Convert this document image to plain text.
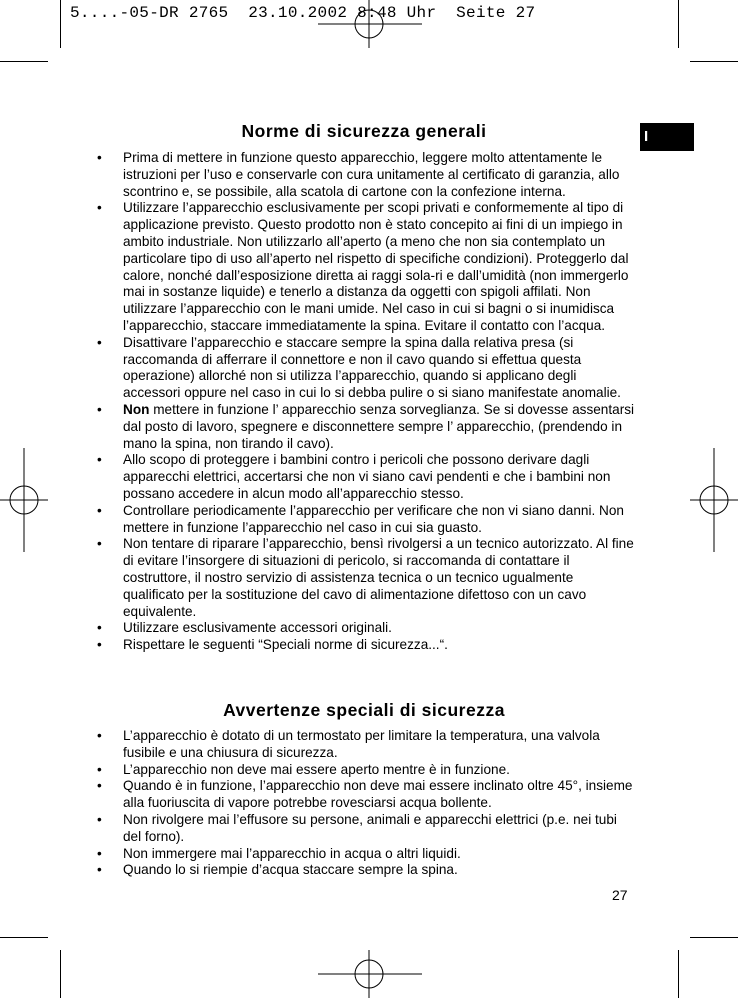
5....-05-DR 2765  23.10.2002 8:48 Uhr  Seite 27
I
Norme di sicurezza generali
• Prima di mettere in funzione questo apparecchio, leggere molto attentamente le istruzioni per l’uso e conservarle con cura unitamente al certificato di garanzia, allo scontrino e, se possibile, alla scatola di cartone con la confezione interna.
• Utilizzare l’apparecchio esclusivamente per scopi privati e conformemente al tipo di applicazione previsto. Questo prodotto non è stato concepito ai fini di un impiego in ambito industriale. Non utilizzarlo all’aperto (a meno che non sia contemplato un particolare tipo di uso all’aperto nel rispetto di specifiche condizioni). Proteggerlo dal calore, nonché dall’esposizione diretta ai raggi sola-ri e dall’umidità (non immergerlo mai in sostanze liquide) e tenerlo a distanza da oggetti con spigoli affilati. Non utilizzare l’apparecchio con le mani umide. Nel caso in cui si bagni o si inumidisca l’apparecchio, staccare immediatamente la spina. Evitare il contatto con l’acqua.
• Disattivare l’apparecchio e staccare sempre la spina dalla relativa presa (si raccomanda di afferrare il connettore e non il cavo quando si effettua questa operazione) allorché non si utilizza l’apparecchio, quando si applicano degli accessori oppure nel caso in cui lo si debba pulire o si siano manifestate anomalie.
• Non mettere in funzione l’ apparecchio senza sorveglianza. Se si dovesse assentarsi dal posto di lavoro, spegnere e disconnettere sempre l’ apparecchio, (prendendo in mano la spina, non tirando il cavo).
• Allo scopo di proteggere i bambini contro i pericoli che possono derivare dagli apparecchi elettrici, accertarsi che non vi siano cavi pendenti e che i bambini non possano accedere in alcun modo all’apparecchio stesso.
• Controllare periodicamente l’apparecchio per verificare che non vi siano danni. Non mettere in funzione l’apparecchio nel caso in cui sia guasto.
• Non tentare di riparare l’apparecchio, bensì rivolgersi a un tecnico autorizzato. Al fine di evitare l’insorgere di situazioni di pericolo, si raccomanda di contattare il costruttore, il nostro servizio di assistenza tecnica o un tecnico ugualmente qualificato per la sostituzione del cavo di alimentazione difettoso con un cavo equivalente.
• Utilizzare esclusivamente accessori originali.
• Rispettare le seguenti “Speciali norme di sicurezza...“.
Avvertenze speciali di sicurezza
• L’apparecchio è dotato di un termostato per limitare la temperatura, una valvola fusibile e una chiusura di sicurezza.
• L’apparecchio non deve mai essere aperto mentre è in funzione.
• Quando è in funzione, l’apparecchio non deve mai essere inclinato oltre 45°, insieme alla fuoriuscita di vapore potrebbe rovesciarsi acqua bollente.
• Non rivolgere mai l’effusore su persone, animali e apparecchi elettrici (p.e. nei tubi del forno).
• Non immergere mai l’apparecchio in acqua o altri liquidi.
• Quando lo si riempie d’acqua staccare sempre la spina.
27
